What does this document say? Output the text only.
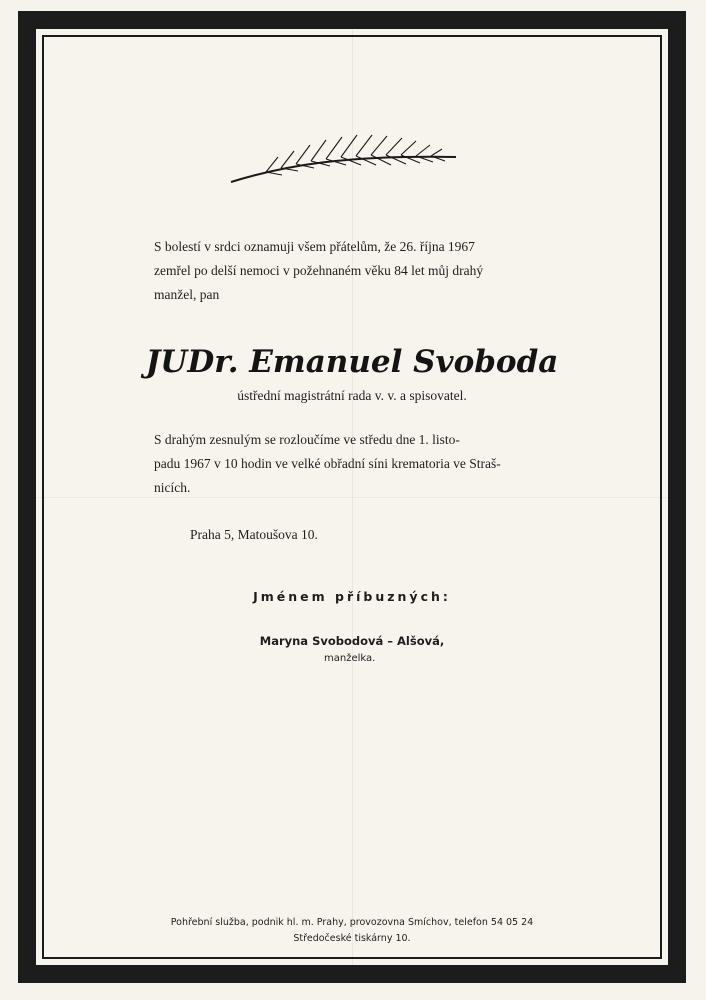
S bolestí v srdci oznamuji všem přátelům, že 26. října 1967
zemřel po delší nemoci v požehnaném věku 84 let můj drahý
manžel, pan
JUDr. Emanuel Svoboda
ústřední magistrátní rada v. v. a spisovatel.
S drahým zesnulým se rozloučíme ve středu dne 1. listo-
padu 1967 v 10 hodin ve velké obřadní síni krematoria ve Straš-
nicích.
Praha 5, Matoušova 10.
Jménem příbuzných:
Maryna Svobodová – Alšová,
manželka.
Pohřební služba, podnik hl. m. Prahy, provozovna Smíchov, telefon 54 05 24
Středočeské tiskárny 10.
